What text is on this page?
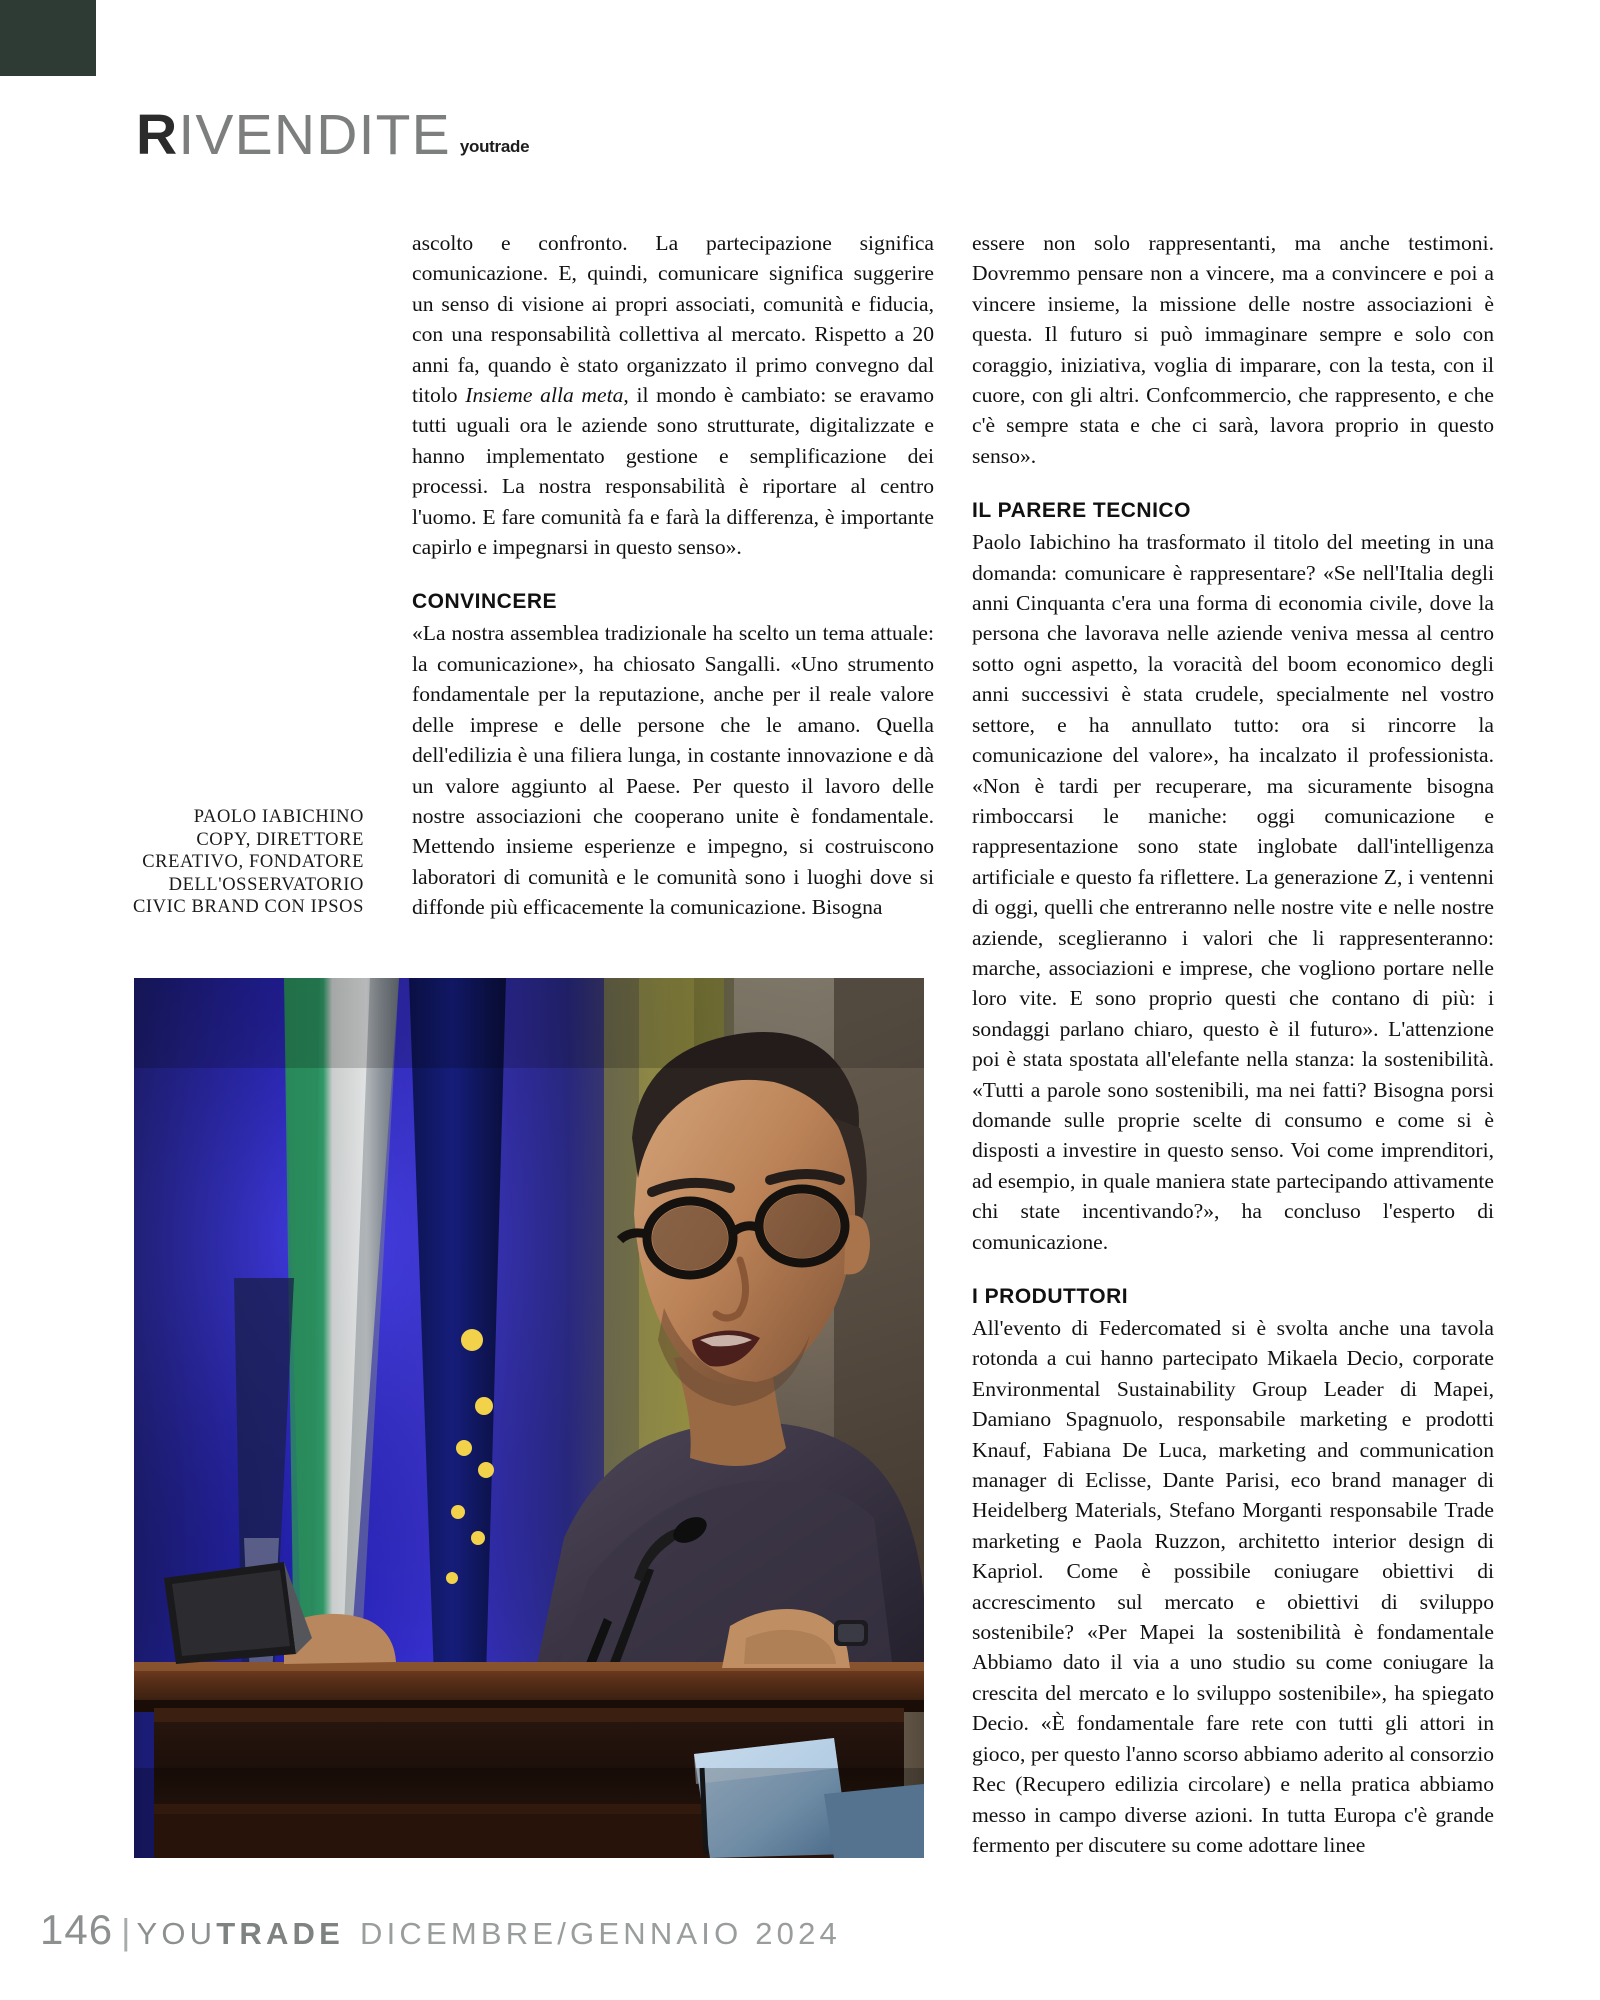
RIVENDITE youtrade

ascolto e confronto. La partecipazione significa comunicazione. E, quindi, comunicare significa suggerire un senso di visione ai propri associati, comunità e fiducia, con una responsabilità collettiva al mercato. Rispetto a 20 anni fa, quando è stato organizzato il primo convegno dal titolo Insieme alla meta, il mondo è cambiato: se eravamo tutti uguali ora le aziende sono strutturate, digitalizzate e hanno implementato gestione e semplificazione dei processi. La nostra responsabilità è riportare al centro l'uomo. E fare comunità fa e farà la differenza, è importante capirlo e impegnarsi in questo senso».

CONVINCERE

«La nostra assemblea tradizionale ha scelto un tema attuale: la comunicazione», ha chiosato Sangalli. «Uno strumento fondamentale per la reputazione, anche per il reale valore delle imprese e delle persone che le amano. Quella dell'edilizia è una filiera lunga, in costante innovazione e dà un valore aggiunto al Paese. Per questo il lavoro delle nostre associazioni che cooperano unite è fondamentale. Mettendo insieme esperienze e impegno, si costruiscono laboratori di comunità e le comunità sono i luoghi dove si diffonde più efficacemente la comunicazione. Bisogna

essere non solo rappresentanti, ma anche testimoni. Dovremmo pensare non a vincere, ma a convincere e poi a vincere insieme, la missione delle nostre associazioni è questa. Il futuro si può immaginare sempre e solo con coraggio, iniziativa, voglia di imparare, con la testa, con il cuore, con gli altri. Confcommercio, che rappresento, e che c'è sempre stata e che ci sarà, lavora proprio in questo senso».

IL PARERE TECNICO

Paolo Iabichino ha trasformato il titolo del meeting in una domanda: comunicare è rappresentare? «Se nell'Italia degli anni Cinquanta c'era una forma di economia civile, dove la persona che lavorava nelle aziende veniva messa al centro sotto ogni aspetto, la voracità del boom economico degli anni successivi è stata crudele, specialmente nel vostro settore, e ha annullato tutto: ora si rincorre la comunicazione del valore», ha incalzato il professionista. «Non è tardi per recuperare, ma sicuramente bisogna rimboccarsi le maniche: oggi comunicazione e rappresentazione sono state inglobate dall'intelligenza artificiale e questo fa riflettere. La generazione Z, i ventenni di oggi, quelli che entreranno nelle nostre vite e nelle nostre aziende, sceglieranno i valori che li rappresenteranno: marche, associazioni e imprese, che vogliono portare nelle loro vite. E sono proprio questi che contano di più: i sondaggi parlano chiaro, questo è il futuro». L'attenzione poi è stata spostata all'elefante nella stanza: la sostenibilità. «Tutti a parole sono sostenibili, ma nei fatti? Bisogna porsi domande sulle proprie scelte di consumo e come si è disposti a investire in questo senso. Voi come imprenditori, ad esempio, in quale maniera state partecipando attivamente chi state incentivando?», ha concluso l'esperto di comunicazione.

I PRODUTTORI

All'evento di Federcomated si è svolta anche una tavola rotonda a cui hanno partecipato Mikaela Decio, corporate Environmental Sustainability Group Leader di Mapei, Damiano Spagnuolo, responsabile marketing e prodotti Knauf, Fabiana De Luca, marketing and communication manager di Eclisse, Dante Parisi, eco brand manager di Heidelberg Materials, Stefano Morganti responsabile Trade marketing e Paola Ruzzon, architetto interior design di Kapriol. Come è possibile coniugare obiettivi di accrescimento sul mercato e obiettivi di sviluppo sostenibile? «Per Mapei la sostenibilità è fondamentale Abbiamo dato il via a uno studio su come coniugare la crescita del mercato e lo sviluppo sostenibile», ha spiegato Decio. «È fondamentale fare rete con tutti gli attori in gioco, per questo l'anno scorso abbiamo aderito al consorzio Rec (Recupero edilizia circolare) e nella pratica abbiamo messo in campo diverse azioni. In tutta Europa c'è grande fermento per discutere su come adottare linee

PAOLO IABICHINO
COPY, DIRETTORE
CREATIVO, FONDATORE
DELL'OSSERVATORIO
CIVIC BRAND CON IPSOS
146 | YOUTRADE DICEMBRE/GENNAIO 2024
